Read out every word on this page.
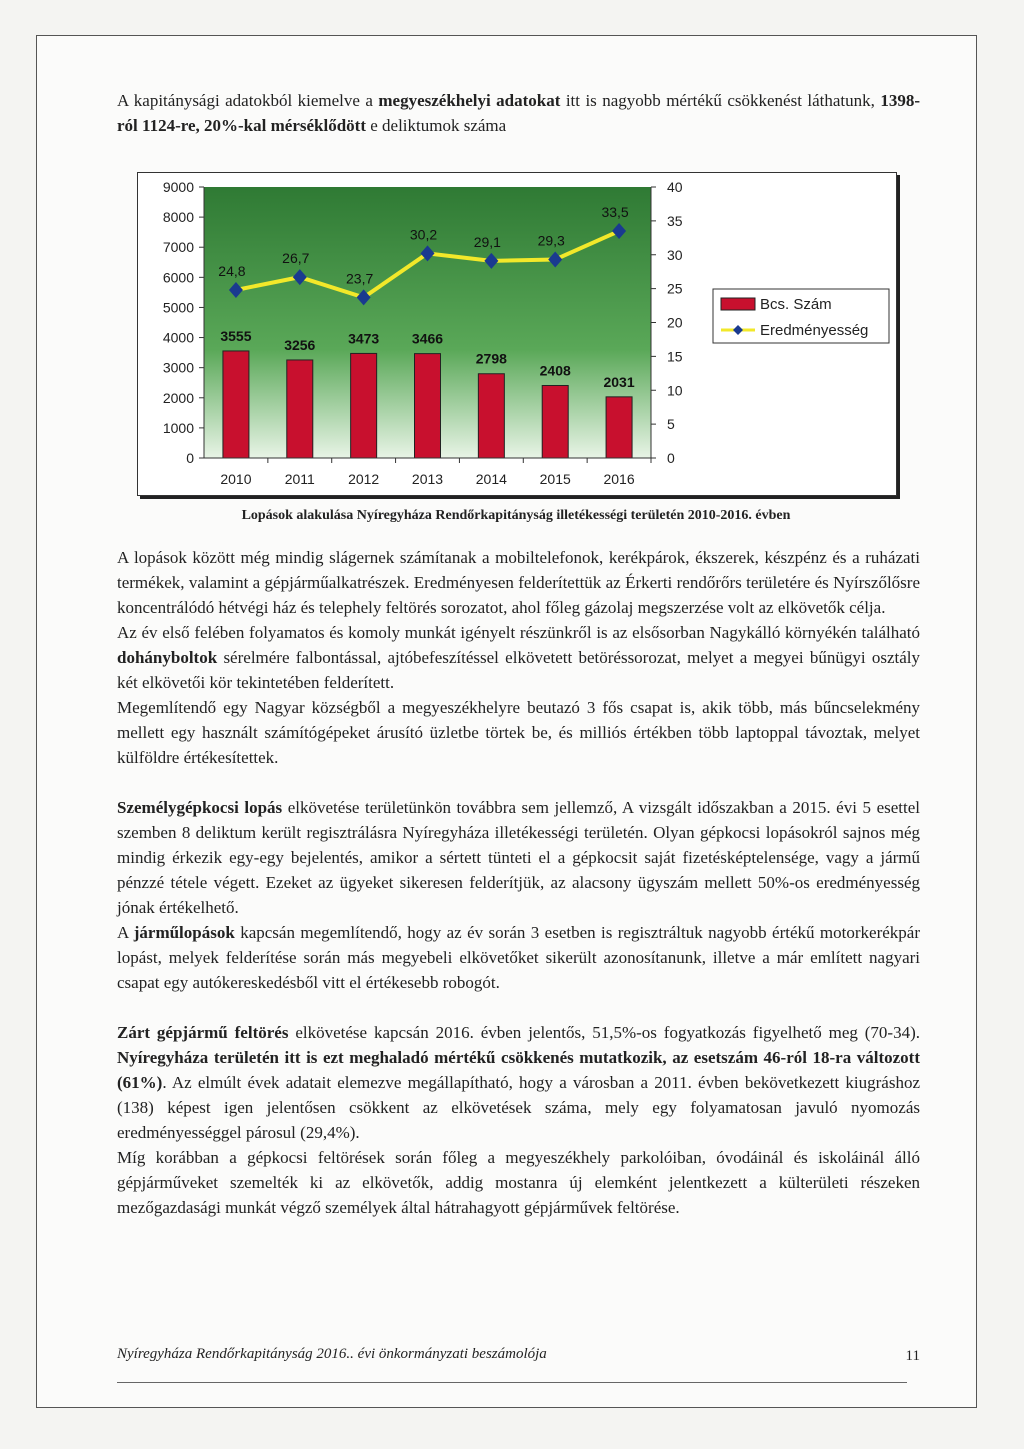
A kapitánysági adatokból kiemelve a megyeszékhelyi adatokat itt is nagyobb mértékű csökkenést láthatunk, 1398-ról 1124-re, 20%-kal mérséklődött e deliktumok száma

0
1000
2000
3000
4000
5000
6000
7000
8000
9000
0
5
10
15
20
25
30
35
40
3555
3256 3473 3466
2798
2408
2031
24,8
26,7
23,7
30,2	29,1	29,3
33,5
2010 2011 2012 2013 2014 2015 2016
Bcs. Szám
Eredményesség
Lopások alakulása Nyíregyháza Rendőrkapitányság illetékességi területén 2010-2016. évben

A lopások között még mindig slágernek számítanak a mobiltelefonok, kerékpárok, ékszerek, készpénz és a ruházati termékek, valamint a gépjárműalkatrészek. Eredményesen felderítettük az Érkerti rendőrőrs területére és Nyírszőlősre koncentrálódó hétvégi ház és telephely feltörés sorozatot, ahol főleg gázolaj megszerzése volt az elkövetők célja.

Az év első felében folyamatos és komoly munkát igényelt részünkről is az elsősorban Nagykálló környékén található dohányboltok sérelmére falbontással, ajtóbefeszítéssel elkövetett betöréssorozat, melyet a megyei bűnügyi osztály két elkövetői kör tekintetében felderített.

Megemlítendő egy Nagyar községből a megyeszékhelyre beutazó 3 fős csapat is, akik több, más bűncselekmény mellett egy használt számítógépeket árusító üzletbe törtek be, és milliós értékben több laptoppal távoztak, melyet külföldre értékesítettek.

Személygépkocsi lopás elkövetése területünkön továbbra sem jellemző, A vizsgált időszakban a 2015. évi 5 esettel szemben 8 deliktum került regisztrálásra Nyíregyháza illetékességi területén. Olyan gépkocsi lopásokról sajnos még mindig érkezik egy-egy bejelentés, amikor a sértett tünteti el a gépkocsit saját fizetésképtelensége, vagy a jármű pénzzé tétele végett. Ezeket az ügyeket sikeresen felderítjük, az alacsony ügyszám mellett 50%-os eredményesség jónak értékelhető.

A járműlopások kapcsán megemlítendő, hogy az év során 3 esetben is regisztráltuk nagyobb értékű motorkerékpár lopást, melyek felderítése során más megyebeli elkövetőket sikerült azonosítanunk, illetve a már említett nagyari csapat egy autókereskedésből vitt el értékesebb robogót.

Zárt gépjármű feltörés elkövetése kapcsán 2016. évben jelentős, 51,5%-os fogyatkozás figyelhető meg (70-34). Nyíregyháza területén itt is ezt meghaladó mértékű csökkenés mutatkozik, az esetszám 46-ról 18-ra változott (61%). Az elmúlt évek adatait elemezve megállapítható, hogy a városban a 2011. évben bekövetkezett kiugráshoz (138) képest igen jelentősen csökkent az elkövetések száma, mely egy folyamatosan javuló nyomozás eredményességgel párosul (29,4%).

Míg korábban a gépkocsi feltörések során főleg a megyeszékhely parkolóiban, óvodáinál és iskoláinál álló gépjárműveket szemelték ki az elkövetők, addig mostanra új elemként jelentkezett a külterületi részeken mezőgazdasági munkát végző személyek által hátrahagyott gépjárművek feltörése.

Nyíregyháza Rendőrkapitányság 2016.. évi önkormányzati beszámolója	11
